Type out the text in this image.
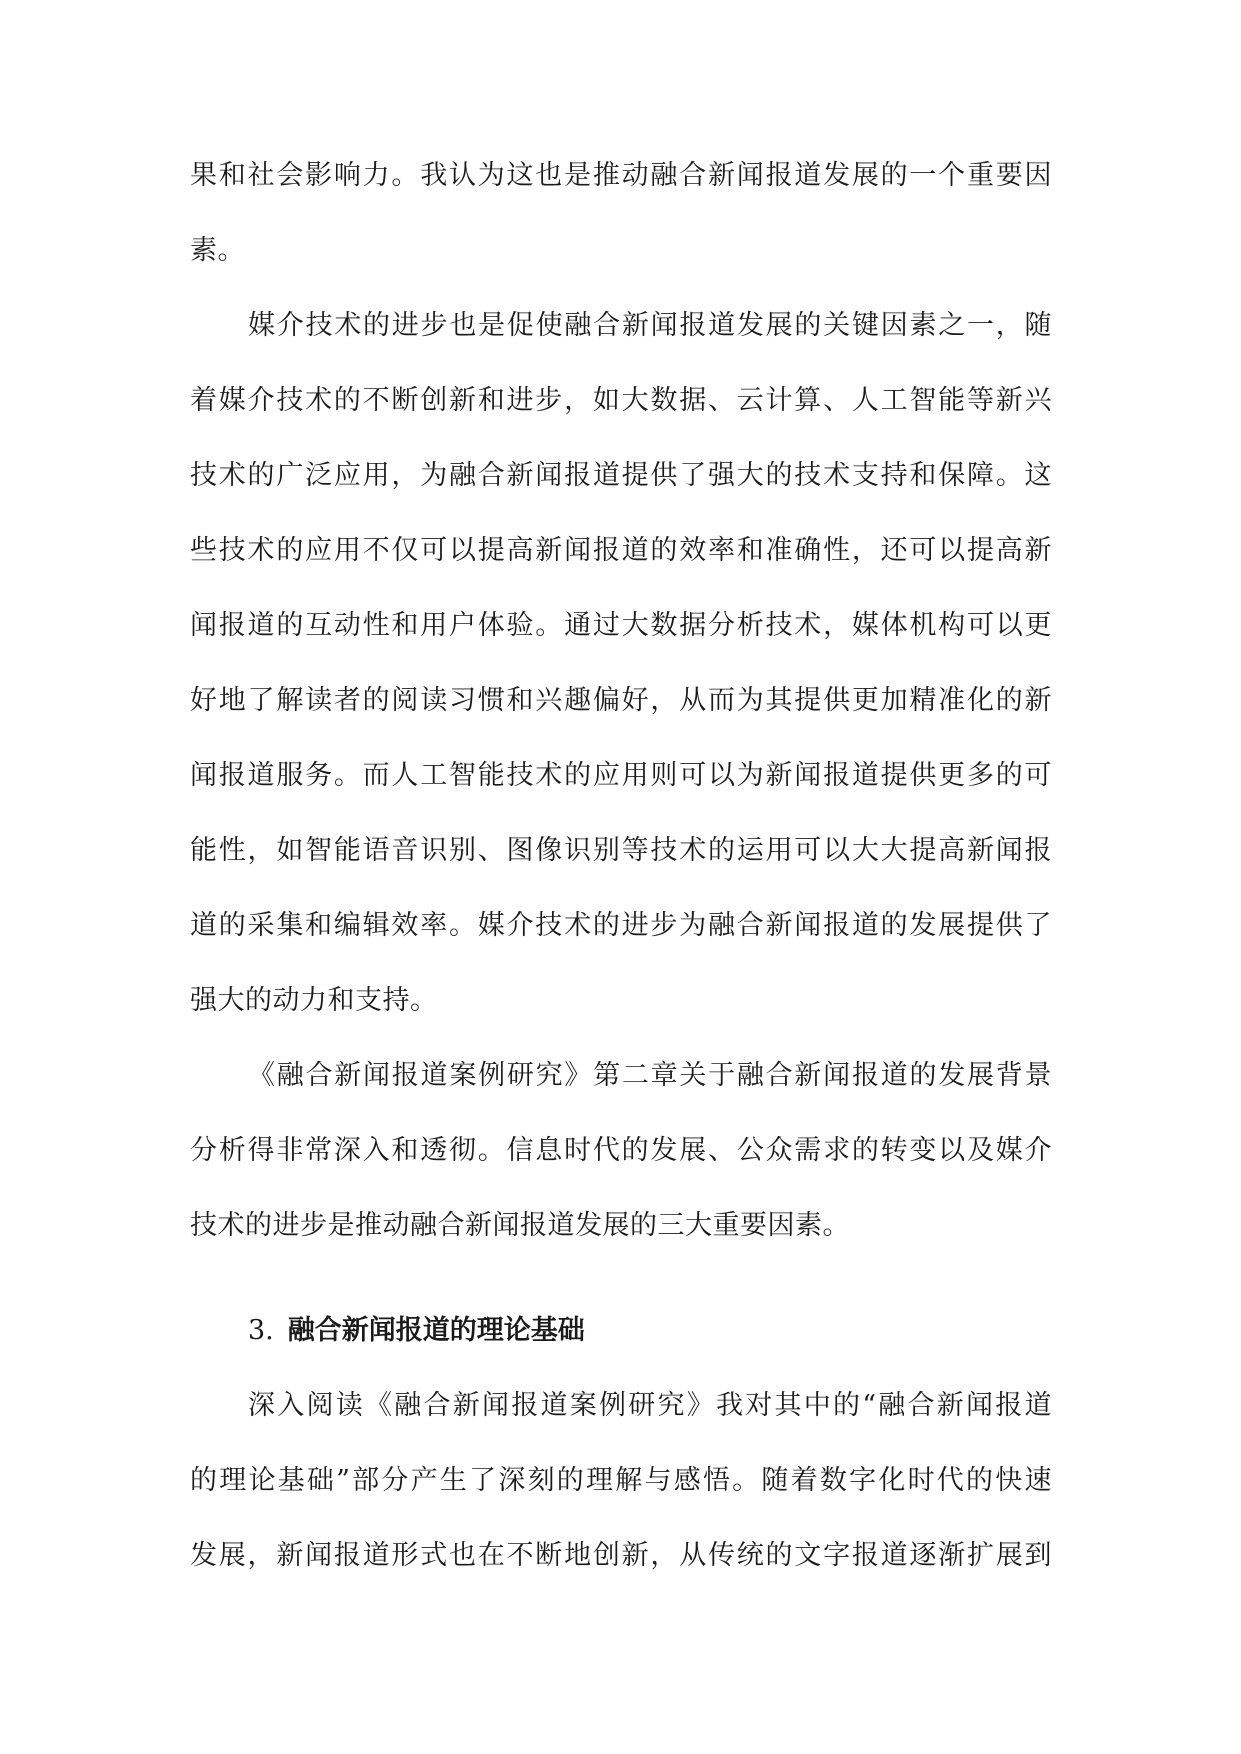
果和社会影响力。我认为这也是推动融合新闻报道发展的一个重要因
素。
媒介技术的进步也是促使融合新闻报道发展的关键因素之一，随
着媒介技术的不断创新和进步，如大数据、云计算、人工智能等新兴
技术的广泛应用，为融合新闻报道提供了强大的技术支持和保障。这
些技术的应用不仅可以提高新闻报道的效率和准确性，还可以提高新
闻报道的互动性和用户体验。通过大数据分析技术，媒体机构可以更
好地了解读者的阅读习惯和兴趣偏好，从而为其提供更加精准化的新
闻报道服务。而人工智能技术的应用则可以为新闻报道提供更多的可
能性，如智能语音识别、图像识别等技术的运用可以大大提高新闻报
道的采集和编辑效率。媒介技术的进步为融合新闻报道的发展提供了
强大的动力和支持。
《融合新闻报道案例研究》第二章关于融合新闻报道的发展背景
分析得非常深入和透彻。信息时代的发展、公众需求的转变以及媒介
技术的进步是推动融合新闻报道发展的三大重要因素。
3. 融合新闻报道的理论基础
深入阅读《融合新闻报道案例研究》我对其中的“融合新闻报道
的理论基础”部分产生了深刻的理解与感悟。随着数字化时代的快速
发展，新闻报道形式也在不断地创新，从传统的文字报道逐渐扩展到
